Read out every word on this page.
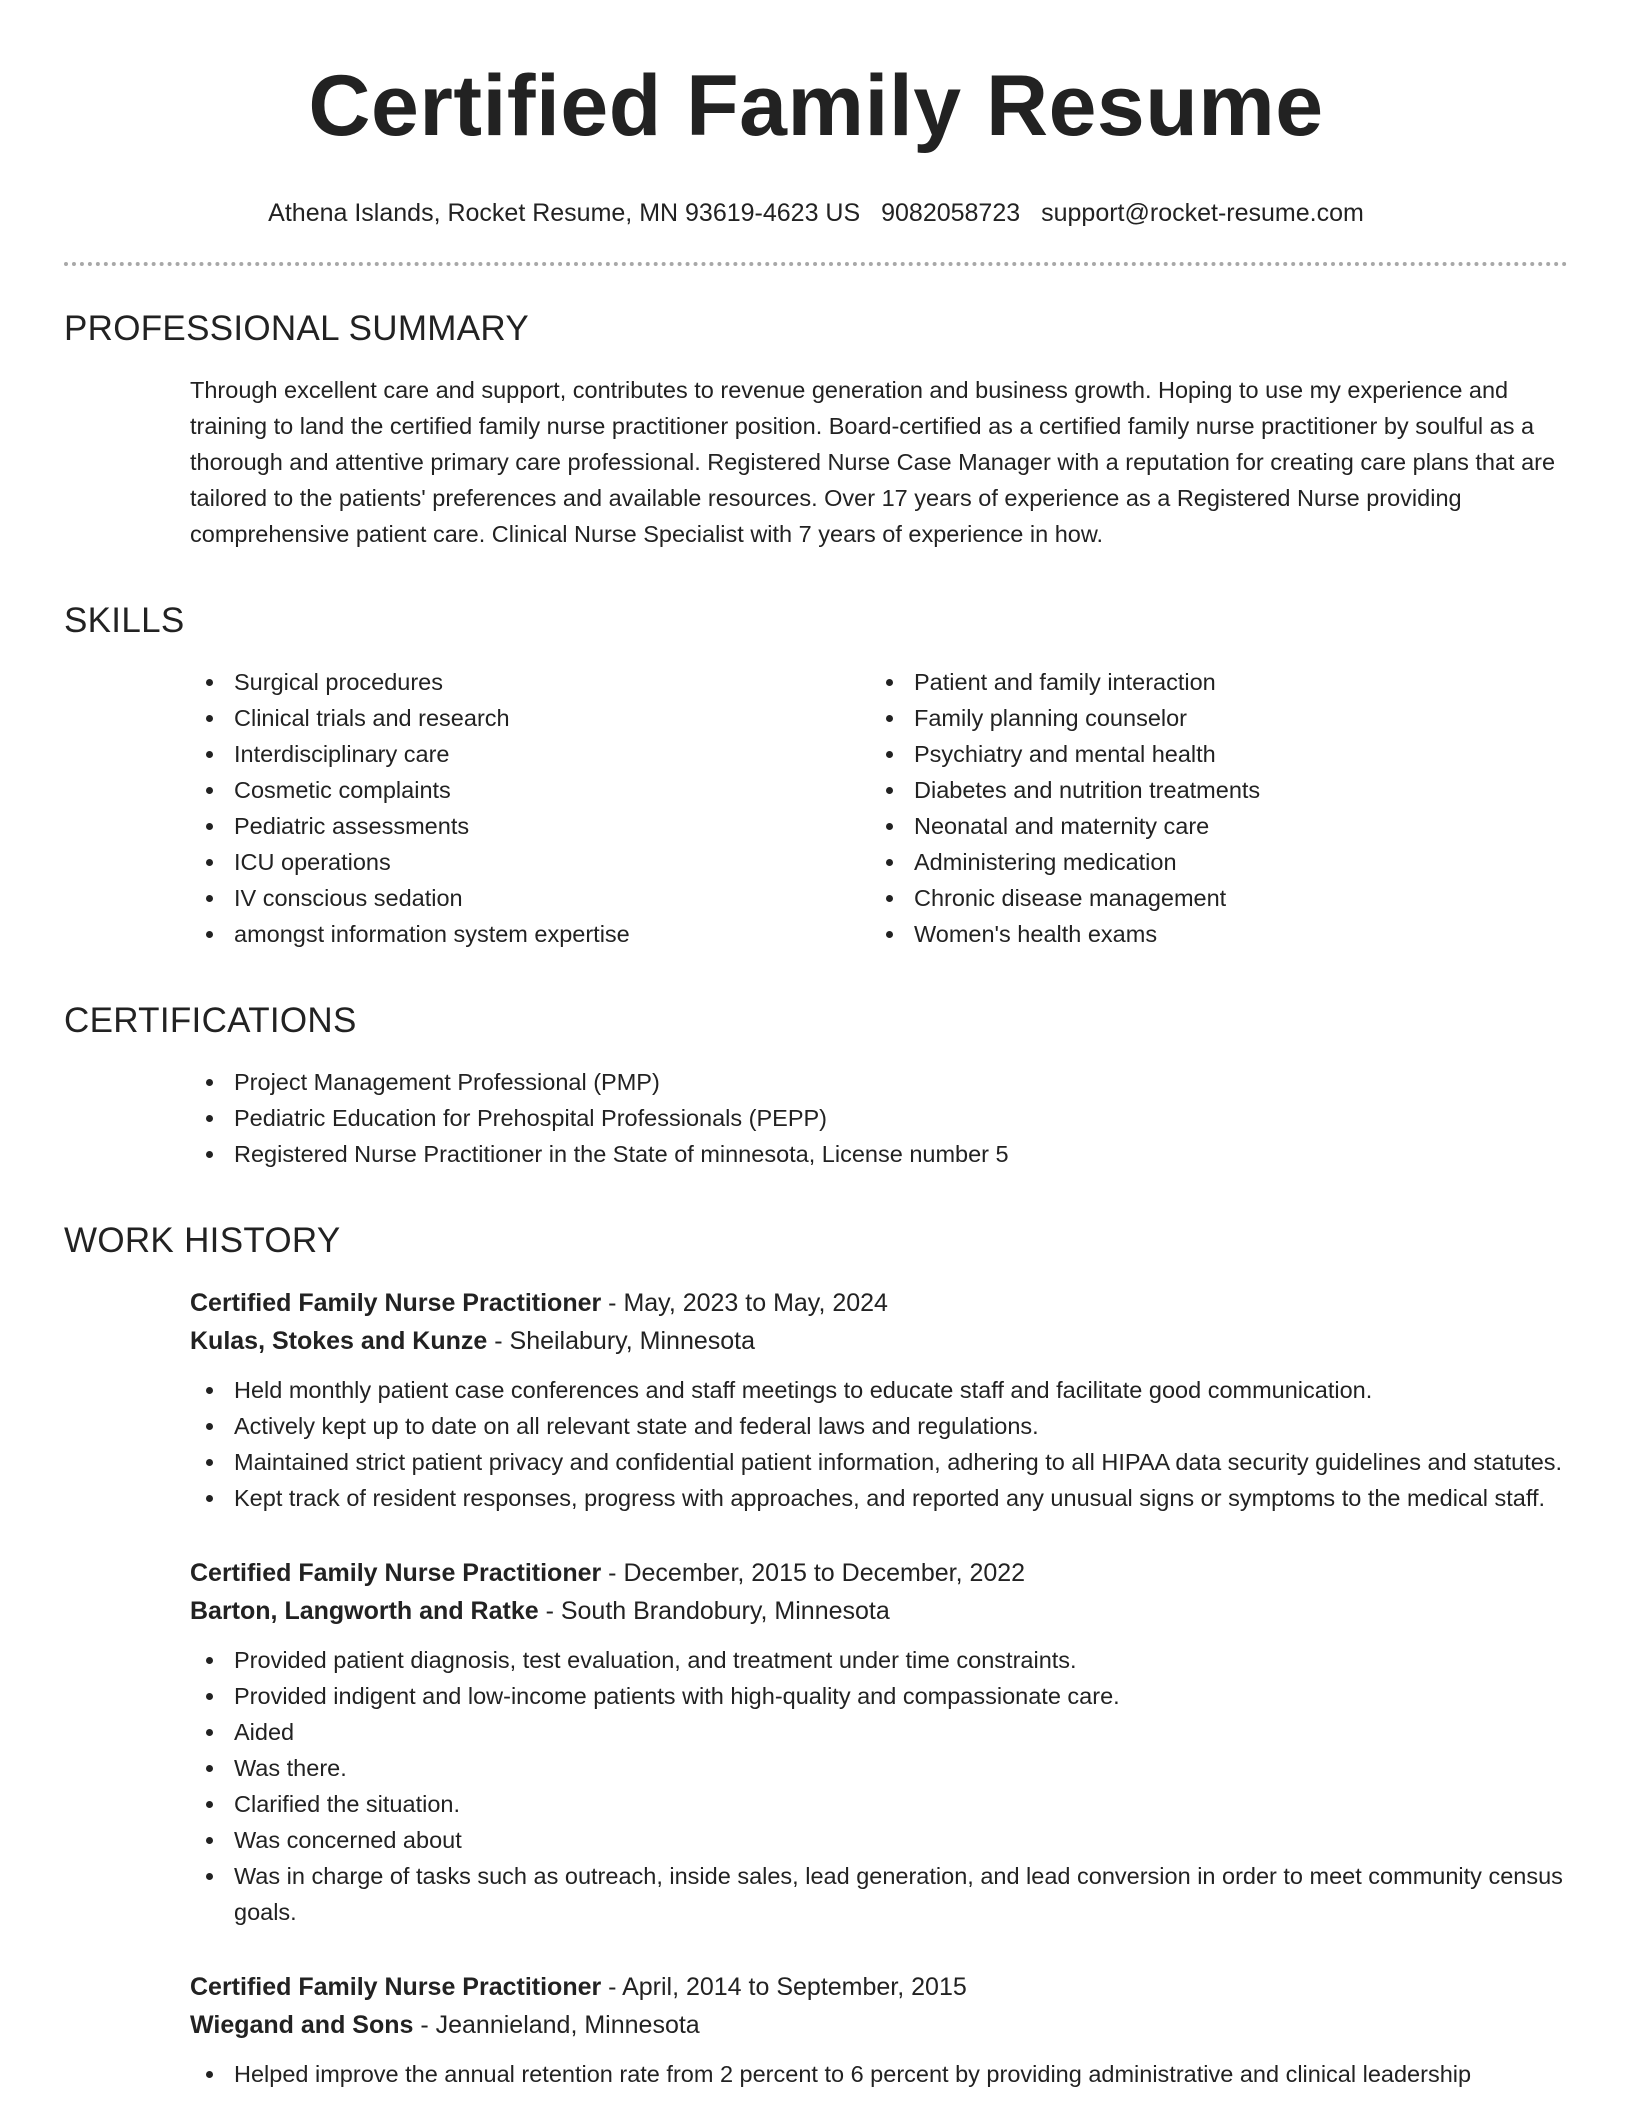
Certified Family Resume
Athena Islands, Rocket Resume, MN 93619-4623 US 9082058723 support@rocket-resume.com
PROFESSIONAL SUMMARY

Through excellent care and support, contributes to revenue generation and business growth. Hoping to use my experience and training to land the certified family nurse practitioner position. Board-certified as a certified family nurse practitioner by soulful as a thorough and attentive primary care professional. Registered Nurse Case Manager with a reputation for creating care plans that are tailored to the patients' preferences and available resources. Over 17 years of experience as a Registered Nurse providing comprehensive patient care. Clinical Nurse Specialist with 7 years of experience in how.

SKILLS
Surgical procedures
Clinical trials and research
Interdisciplinary care
Cosmetic complaints
Pediatric assessments
ICU operations
IV conscious sedation
amongst information system expertise
Patient and family interaction
Family planning counselor
Psychiatry and mental health
Diabetes and nutrition treatments
Neonatal and maternity care
Administering medication
Chronic disease management
Women's health exams
CERTIFICATIONS
Project Management Professional (PMP)
Pediatric Education for Prehospital Professionals (PEPP)
Registered Nurse Practitioner in the State of minnesota, License number 5
WORK HISTORY
Certified Family Nurse Practitioner - May, 2023 to May, 2024
Kulas, Stokes and Kunze - Sheilabury, Minnesota
Held monthly patient case conferences and staff meetings to educate staff and facilitate good communication.
Actively kept up to date on all relevant state and federal laws and regulations.
Maintained strict patient privacy and confidential patient information, adhering to all HIPAA data security guidelines and statutes.
Kept track of resident responses, progress with approaches, and reported any unusual signs or symptoms to the medical staff.
Certified Family Nurse Practitioner - December, 2015 to December, 2022
Barton, Langworth and Ratke - South Brandobury, Minnesota
Provided patient diagnosis, test evaluation, and treatment under time constraints.
Provided indigent and low-income patients with high-quality and compassionate care.
Aided
Was there.
Clarified the situation.
Was concerned about
Was in charge of tasks such as outreach, inside sales, lead generation, and lead conversion in order to meet community census goals.
Certified Family Nurse Practitioner - April, 2014 to September, 2015
Wiegand and Sons - Jeannieland, Minnesota
Helped improve the annual retention rate from 2 percent to 6 percent by providing administrative and clinical leadership
